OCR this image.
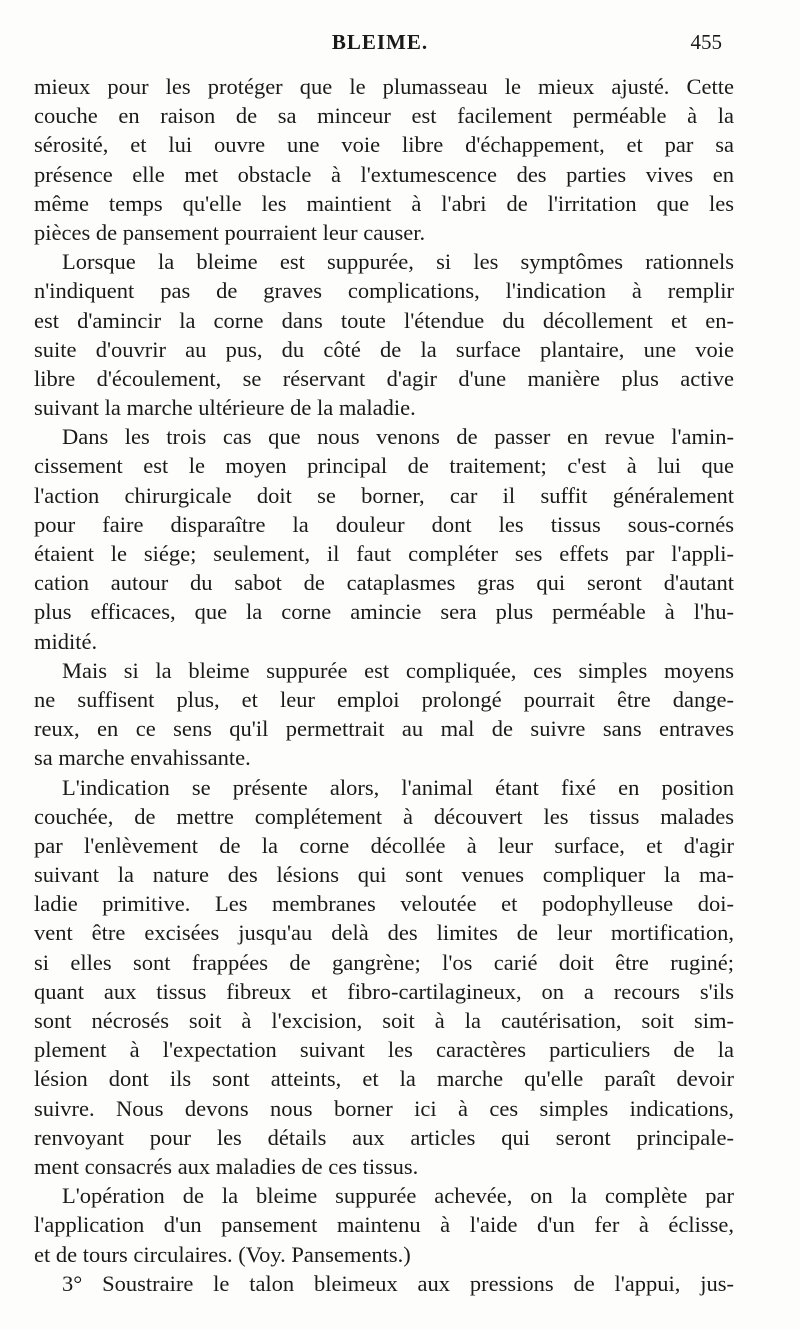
BLEIME.	455
mieux pour les protéger que le plumasseau le mieux ajusté. Cette
couche en raison de sa minceur est facilement perméable à la
sérosité, et lui ouvre une voie libre d'échappement, et par sa
présence elle met obstacle à l'extumescence des parties vives en
même temps qu'elle les maintient à l'abri de l'irritation que les
pièces de pansement pourraient leur causer.
Lorsque la bleime est suppurée, si les symptômes rationnels
n'indiquent pas de graves complications, l'indication à remplir
est d'amincir la corne dans toute l'étendue du décollement et en-
suite d'ouvrir au pus, du côté de la surface plantaire, une voie
libre d'écoulement, se réservant d'agir d'une manière plus active
suivant la marche ultérieure de la maladie.
Dans les trois cas que nous venons de passer en revue l'amin-
cissement est le moyen principal de traitement; c'est à lui que
l'action chirurgicale doit se borner, car il suffit généralement
pour faire disparaître la douleur dont les tissus sous-cornés
étaient le siége; seulement, il faut compléter ses effets par l'appli-
cation autour du sabot de cataplasmes gras qui seront d'autant
plus efficaces, que la corne amincie sera plus perméable à l'hu-
midité.
Mais si la bleime suppurée est compliquée, ces simples moyens
ne suffisent plus, et leur emploi prolongé pourrait être dange-
reux, en ce sens qu'il permettrait au mal de suivre sans entraves
sa marche envahissante.
L'indication se présente alors, l'animal étant fixé en position
couchée, de mettre complétement à découvert les tissus malades
par l'enlèvement de la corne décollée à leur surface, et d'agir
suivant la nature des lésions qui sont venues compliquer la ma-
ladie primitive. Les membranes veloutée et podophylleuse doi-
vent être excisées jusqu'au delà des limites de leur mortification,
si elles sont frappées de gangrène; l'os carié doit être ruginé;
quant aux tissus fibreux et fibro-cartilagineux, on a recours s'ils
sont nécrosés soit à l'excision, soit à la cautérisation, soit sim-
plement à l'expectation suivant les caractères particuliers de la
lésion dont ils sont atteints, et la marche qu'elle paraît devoir
suivre. Nous devons nous borner ici à ces simples indications,
renvoyant pour les détails aux articles qui seront principale-
ment consacrés aux maladies de ces tissus.
L'opération de la bleime suppurée achevée, on la complète par
l'application d'un pansement maintenu à l'aide d'un fer à éclisse,
et de tours circulaires. (Voy. Pansements.)
3° Soustraire le talon bleimeux aux pressions de l'appui, jus-
